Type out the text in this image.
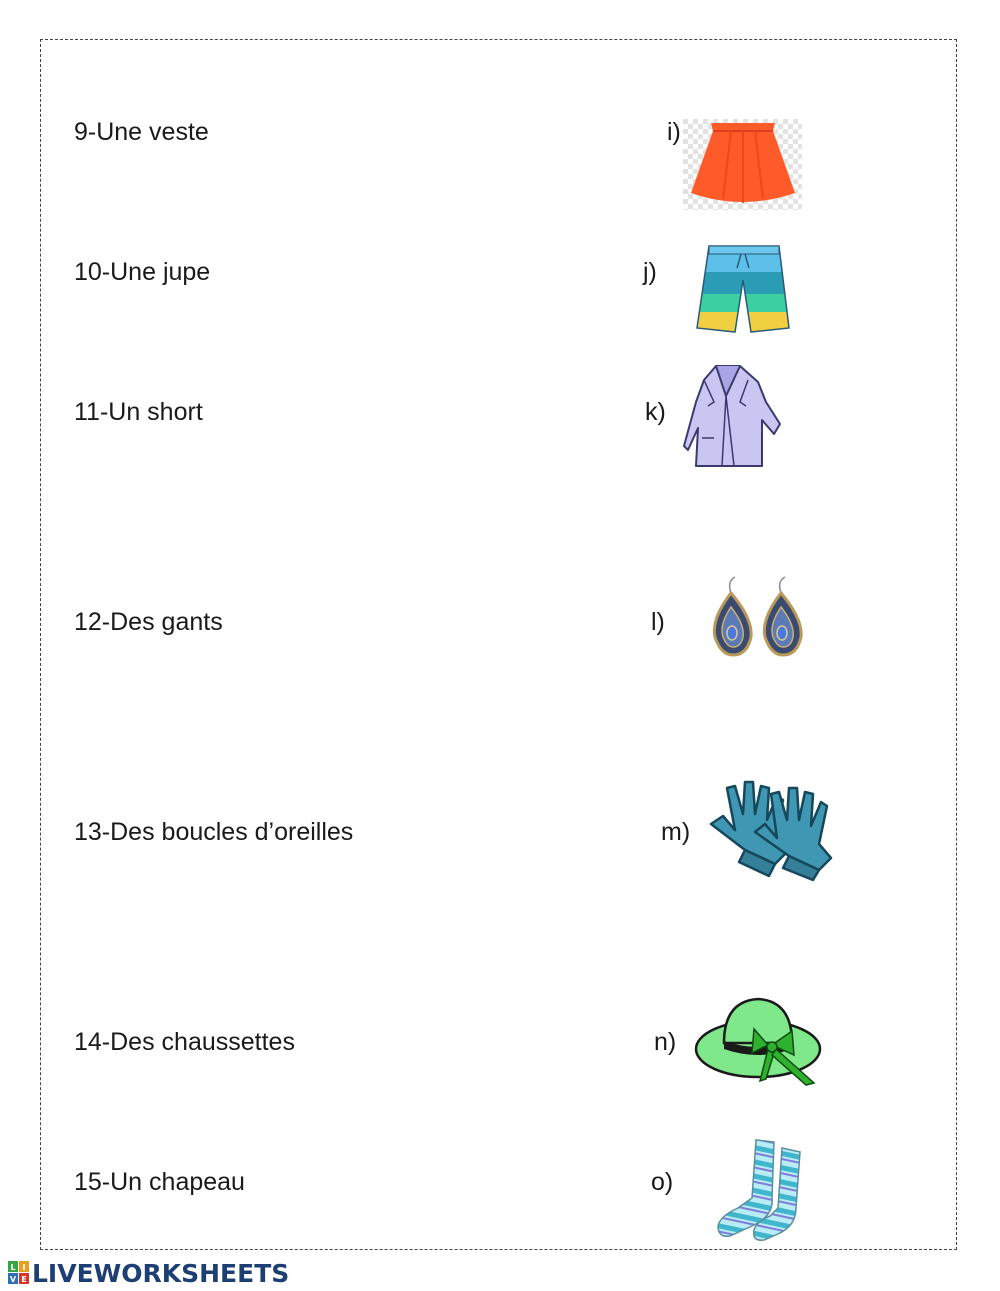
9-Une veste
10-Une jupe
11-Un short
12-Des gants
13-Des boucles d’oreilles
14-Des chaussettes
15-Un chapeau
i)
j)
k)
l)
m)
n)
o)
L I
V E LIVEWORKSHEETS
